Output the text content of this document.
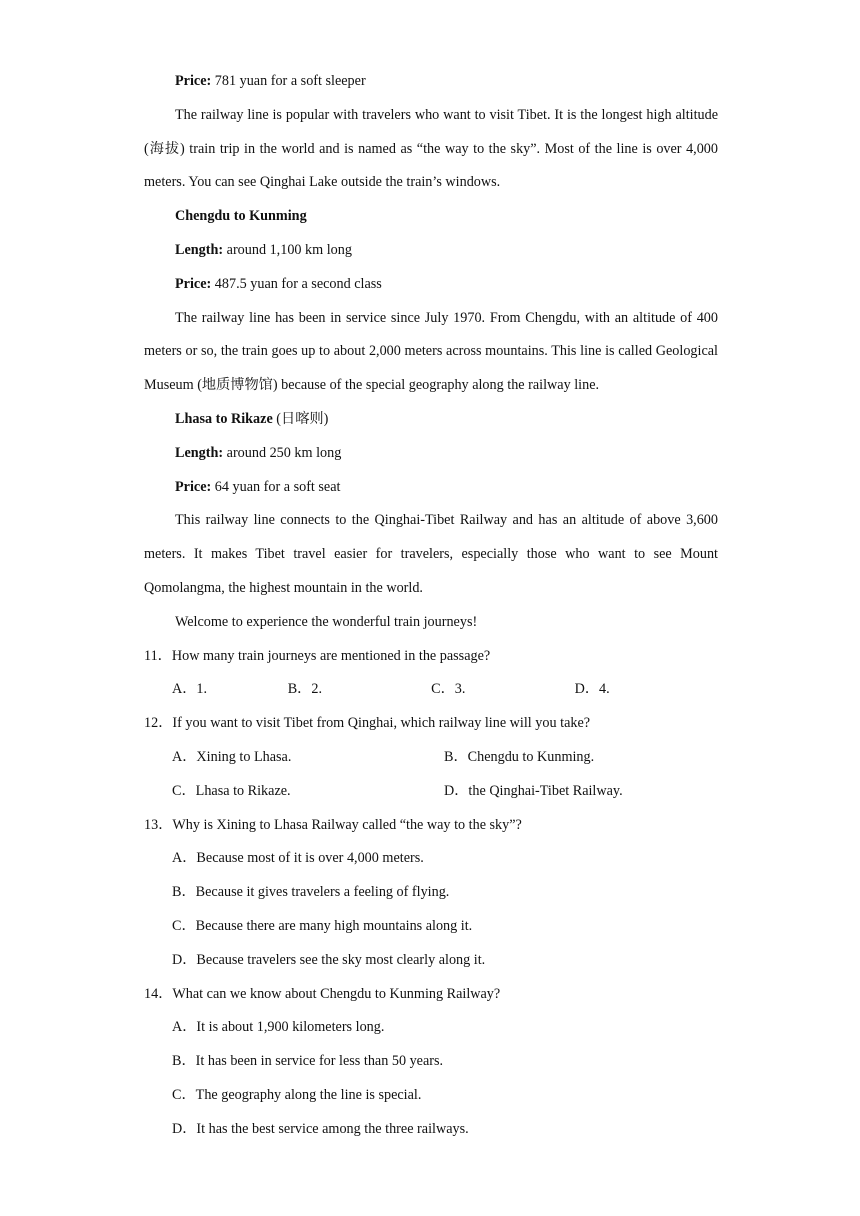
Price: 781 yuan for a soft sleeper

The railway line is popular with travelers who want to visit Tibet. It is the longest high altitude (海拔) train trip in the world and is named as “the way to the sky”. Most of the line is over 4,000 meters. You can see Qinghai Lake outside the train’s windows.

Chengdu to Kunming

Length: around 1,100 km long

Price: 487.5 yuan for a second class

The railway line has been in service since July 1970. From Chengdu, with an altitude of 400 meters or so, the train goes up to about 2,000 meters across mountains. This line is called Geological Museum (地质博物馆) because of the special geography along the railway line.

Lhasa to Rikaze (日喀则)

Length: around 250 km long

Price: 64 yuan for a soft seat

This railway line connects to the Qinghai-Tibet Railway and has an altitude of above 3,600 meters. It makes Tibet travel easier for travelers, especially those who want to see Mount Qomolangma, the highest mountain in the world.

Welcome to experience the wonderful train journeys!

11．How many train journeys are mentioned in the passage?

A．1.	B．2.	C．3.	D．4.

12．If you want to visit Tibet from Qinghai, which railway line will you take?

A．Xining to Lhasa.	B．Chengdu to Kunming.
C．Lhasa to Rikaze.	D．the Qinghai-Tibet Railway.

13．Why is Xining to Lhasa Railway called “the way to the sky”?

A．Because most of it is over 4,000 meters.

B．Because it gives travelers a feeling of flying.

C．Because there are many high mountains along it.

D．Because travelers see the sky most clearly along it.

14．What can we know about Chengdu to Kunming Railway?

A．It is about 1,900 kilometers long.

B．It has been in service for less than 50 years.

C．The geography along the line is special.

D．It has the best service among the three railways.
